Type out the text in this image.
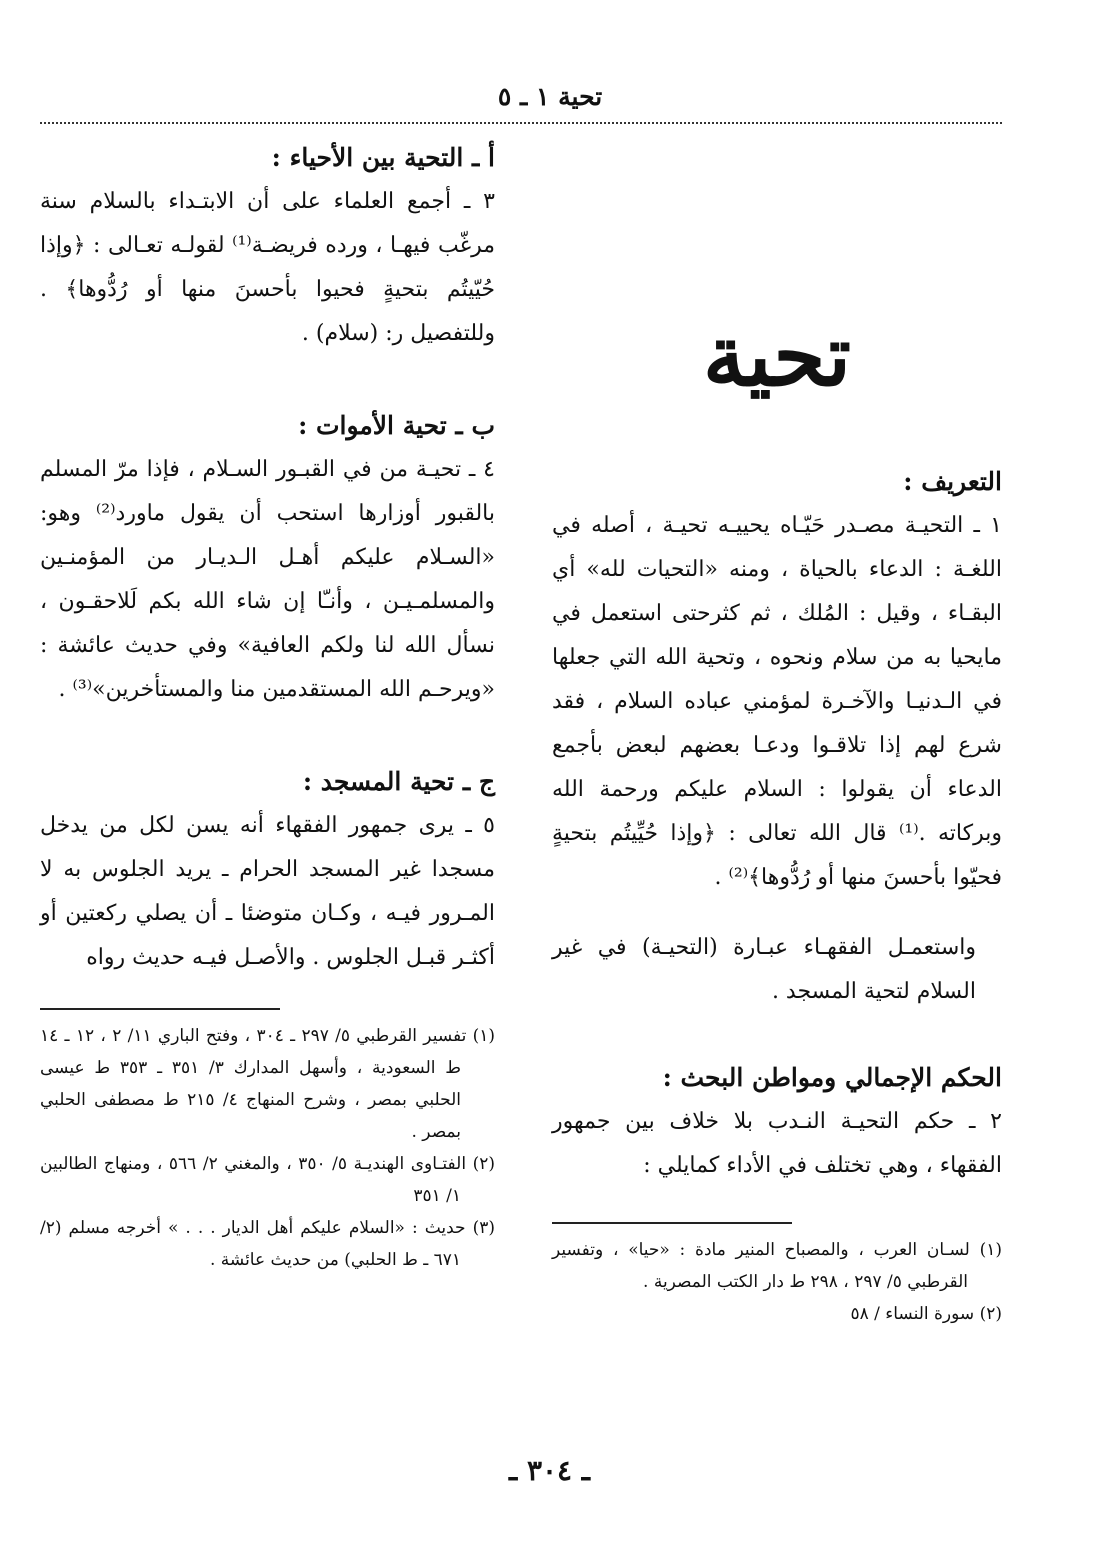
تحية ١ ـ ٥
تحية
التعريف :

١ ـ التحيـة مصـدر حَيّـاه يحييـه تحيـة ، أصله في اللغـة : الدعاء بالحياة ، ومنه «التحيات لله» أي البقـاء ، وقيل : المُلك ، ثم كثرحتى استعمل في مايحيا به من سلام ونحوه ، وتحية الله التي جعلها في الـدنيـا والآخـرة لمؤمني عباده السلام ، فقد شرع لهم إذا تلاقـوا ودعـا بعضهم لبعض بأجمع الدعاء أن يقولوا : السلام عليكم ورحمة الله وبركاته .⁽¹⁾ قال الله تعالى : ﴿وإذا حُيِّيتُم بتحيةٍ فحيّوا بأحسنَ منها أو رُدُّوها﴾⁽²⁾ .

واستعمـل الفقهـاء عبـارة (التحيـة) في غير السلام لتحية المسجد .

الحكم الإجمالي ومواطن البحث :

٢ ـ حكم التحيـة النـدب بلا خلاف بين جمهور الفقهاء ، وهي تختلف في الأداء كمايلي :

(١) لسـان العرب ، والمصباح المنير مادة : «حيا» ، وتفسير القرطبي ٥/ ٢٩٧ ، ٢٩٨ ط دار الكتب المصرية .

(٢) سورة النساء / ٥٨

أ ـ التحية بين الأحياء :

٣ ـ أجمع العلماء على أن الابتـداء بالسلام سنة مرغّب فيهـا ، ورده فريضـة⁽¹⁾ لقولـه تعـالى : ﴿وإذا حُيّيتُم بتحيةٍ فحيوا بأحسنَ منها أو رُدُّوها﴾ . وللتفصيل ر: (سلام) .

ب ـ تحية الأموات :

٤ ـ تحيـة من في القبـور السـلام ، فإذا مرّ المسلم بالقبور أوزارها استحب أن يقول ماورد⁽²⁾ وهو: «السـلام عليكم أهـل الـديـار من المؤمنـين والمسلمـيـن ، وأنـّا إن شاء الله بكم لَلاحقـون ، نسأل الله لنا ولكم العافية» وفي حديث عائشة : «ويرحـم الله المستقدمين منا والمستأخرين»⁽³⁾ .

ج ـ تحية المسجد :

٥ ـ يرى جمهور الفقهاء أنه يسن لكل من يدخل مسجدا غير المسجد الحرام ـ يريد الجلوس به لا المـرور فيـه ، وكـان متوضئا ـ أن يصلي ركعتين أو أكثـر قبـل الجلوس . والأصـل فيـه حديث رواه

(١) تفسير القرطبي ٥/ ٢٩٧ ـ ٣٠٤ ، وفتح الباري ١١/ ٢ ، ١٢ ـ ١٤ ط السعودية ، وأسهل المدارك ٣/ ٣٥١ ـ ٣٥٣ ط عيسى الحلبي بمصر ، وشرح المنهاج ٤/ ٢١٥ ط مصطفى الحلبي بمصر .

(٢) الفتـاوى الهنديـة ٥/ ٣٥٠ ، والمغني ٢/ ٥٦٦ ، ومنهاج الطالبين ١/ ٣٥١

(٣) حديث : «السلام عليكم أهل الديار . . . » أخرجه مسلم (٢/ ٦٧١ ـ ط الحلبي) من حديث عائشة .

ـ ٣٠٤ ـ
